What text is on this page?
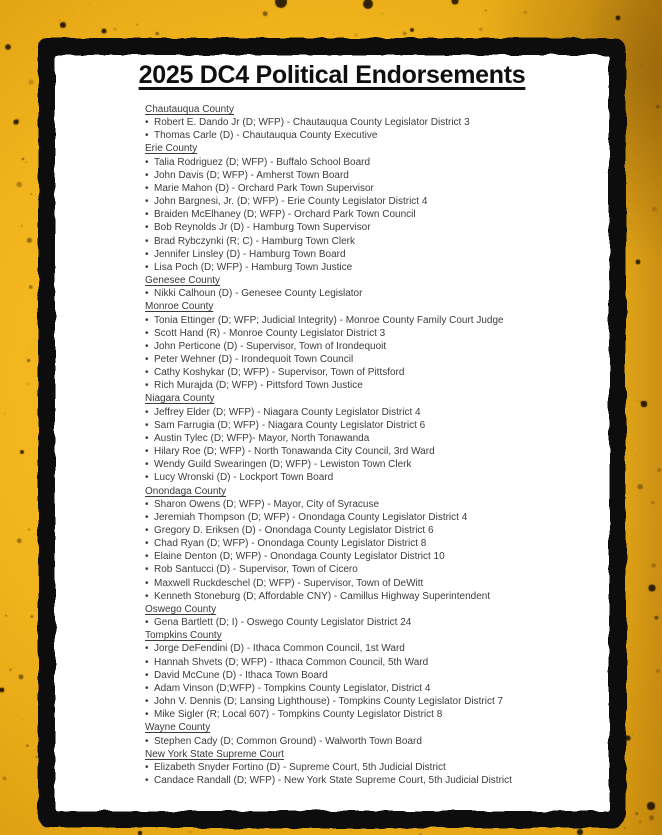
2025 DC4 Political Endorsements
Chautauqua County
• Robert E. Dando Jr (D; WFP) - Chautauqua County Legislator District 3
• Thomas Carle (D) - Chautauqua County Executive
Erie County
• Talia Rodriguez (D; WFP) - Buffalo School Board
• John Davis (D; WFP) - Amherst Town Board
• Marie Mahon (D) - Orchard Park Town Supervisor
• John Bargnesi, Jr. (D; WFP) - Erie County Legislator District 4
• Braiden McElhaney (D; WFP) - Orchard Park Town Council
• Bob Reynolds Jr (D) - Hamburg Town Supervisor
• Brad Rybczynki (R; C) - Hamburg Town Clerk
• Jennifer Linsley (D) - Hamburg Town Board
• Lisa Poch (D; WFP) - Hamburg Town Justice
Genesee County
• Nikki Calhoun (D) - Genesee County Legislator
Monroe County
• Tonia Ettinger (D; WFP; Judicial Integrity) - Monroe County Family Court Judge
• Scott Hand (R) - Monroe County Legislator District 3
• John Perticone (D) - Supervisor, Town of Irondequoit
• Peter Wehner (D) - Irondequoit Town Council
• Cathy Koshykar (D; WFP) - Supervisor, Town of Pittsford
• Rich Murajda (D; WFP) - Pittsford Town Justice
Niagara County
• Jeffrey Elder (D; WFP) - Niagara County Legislator District 4
• Sam Farrugia (D; WFP) - Niagara County Legislator District 6
• Austin Tylec (D; WFP)- Mayor, North Tonawanda
• Hilary Roe (D; WFP) - North Tonawanda City Council, 3rd Ward
• Wendy Guild Swearingen (D; WFP) - Lewiston Town Clerk
• Lucy Wronski (D) - Lockport Town Board
Onondaga County
• Sharon Owens (D; WFP) - Mayor, City of Syracuse
• Jeremiah Thompson (D; WFP) - Onondaga County Legislator District 4
• Gregory D. Eriksen (D) - Onondaga County Legislator District 6
• Chad Ryan (D; WFP) - Onondaga County Legislator District 8
• Elaine Denton (D; WFP) - Onondaga County Legislator District 10
• Rob Santucci (D) - Supervisor, Town of Cicero
• Maxwell Ruckdeschel (D; WFP) - Supervisor, Town of DeWitt
• Kenneth Stoneburg (D; Affordable CNY) - Camillus Highway Superintendent
Oswego County
• Gena Bartlett (D; I) - Oswego County Legislator District 24
Tompkins County
• Jorge DeFendini (D) - Ithaca Common Council, 1st Ward
• Hannah Shvets (D; WFP) - Ithaca Common Council, 5th Ward
• David McCune (D) - Ithaca Town Board
• Adam Vinson (D;WFP) - Tompkins County Legislator, District 4
• John V. Dennis (D; Lansing Lighthouse) - Tompkins County Legislator District 7
• Mike Sigler (R; Local 607) - Tompkins County Legislator District 8
Wayne County
• Stephen Cady (D; Common Ground) - Walworth Town Board
New York State Supreme Court
• Elizabeth Snyder Fortino (D) - Supreme Court, 5th Judicial District
• Candace Randall (D; WFP) - New York State Supreme Court, 5th Judicial District
